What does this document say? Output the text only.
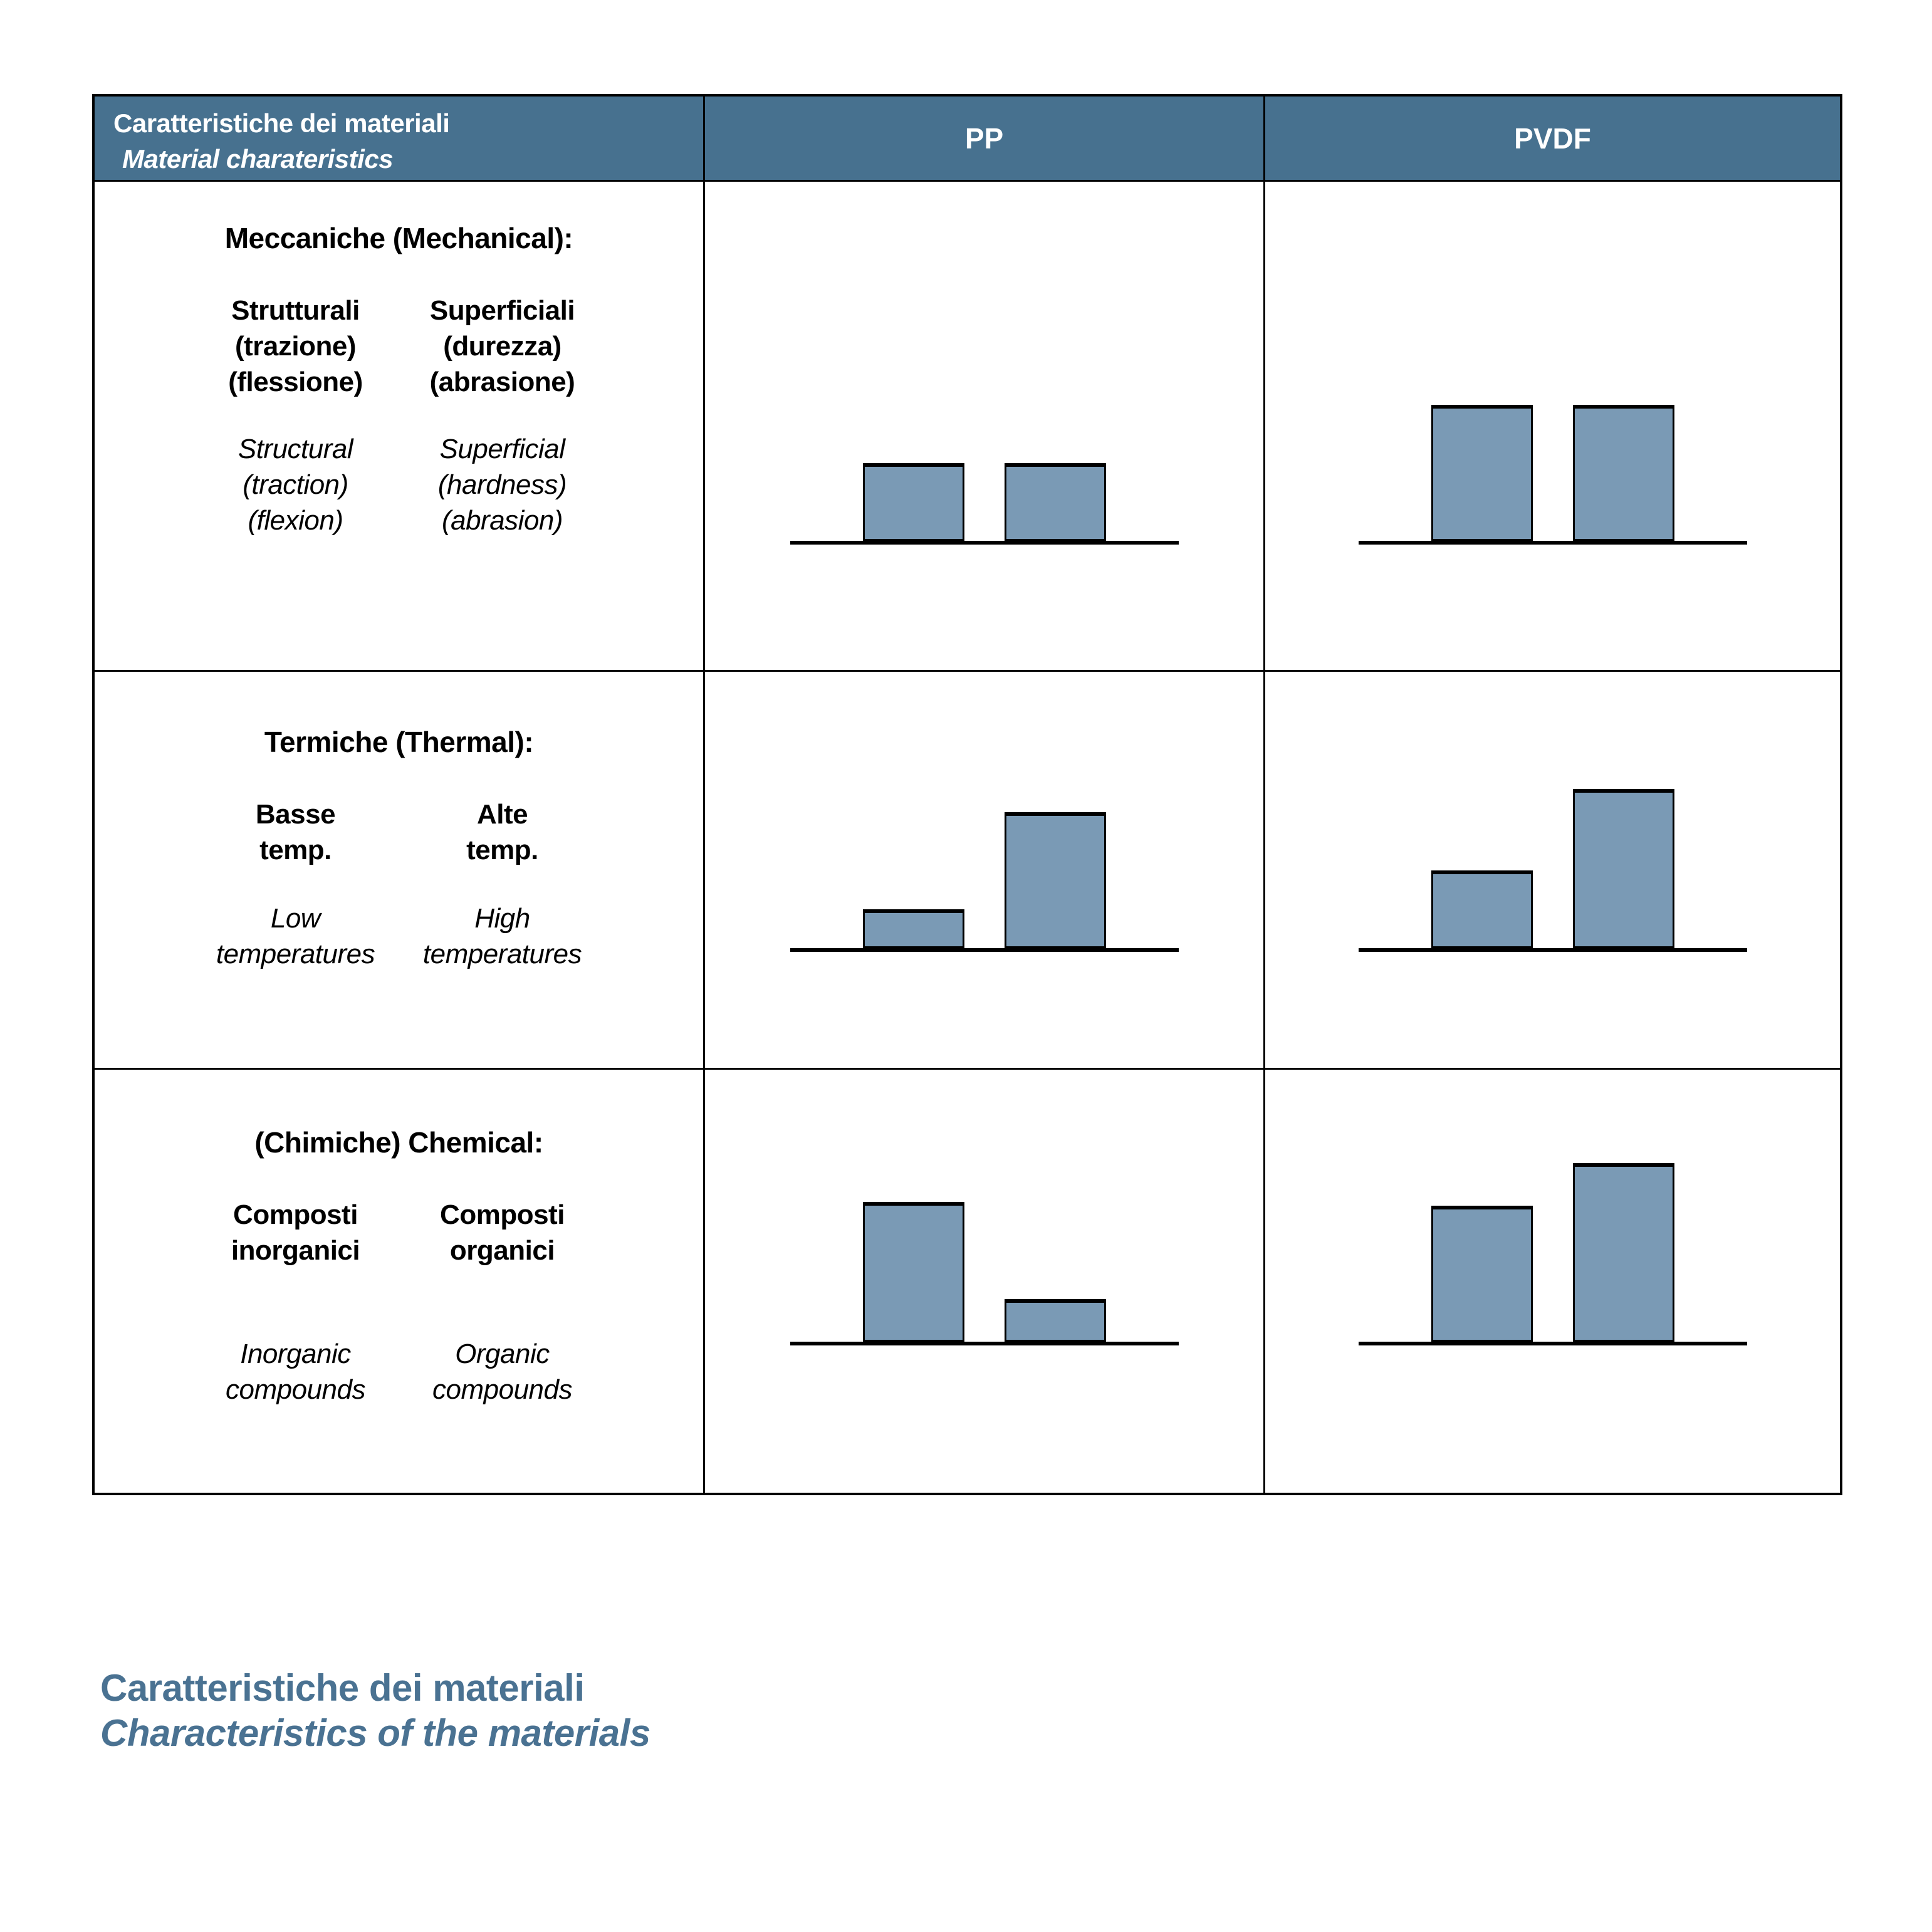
Caratteristiche dei materiali
Material charateristics
PP	PVDF
Meccaniche (Mechanical):
Strutturali
(trazione)
(flessione)
Superficiali
(durezza)
(abrasione)
Structural
(traction)
(flexion)
Superficial
(hardness)
(abrasion)
Termiche (Thermal):
Basse
temp.
Alte
temp.
Low
temperatures
High
temperatures
(Chimiche) Chemical:
Composti
inorganici
Composti
organici
Inorganic
compounds
Organic
compounds
Caratteristiche dei materiali
Characteristics of the materials
